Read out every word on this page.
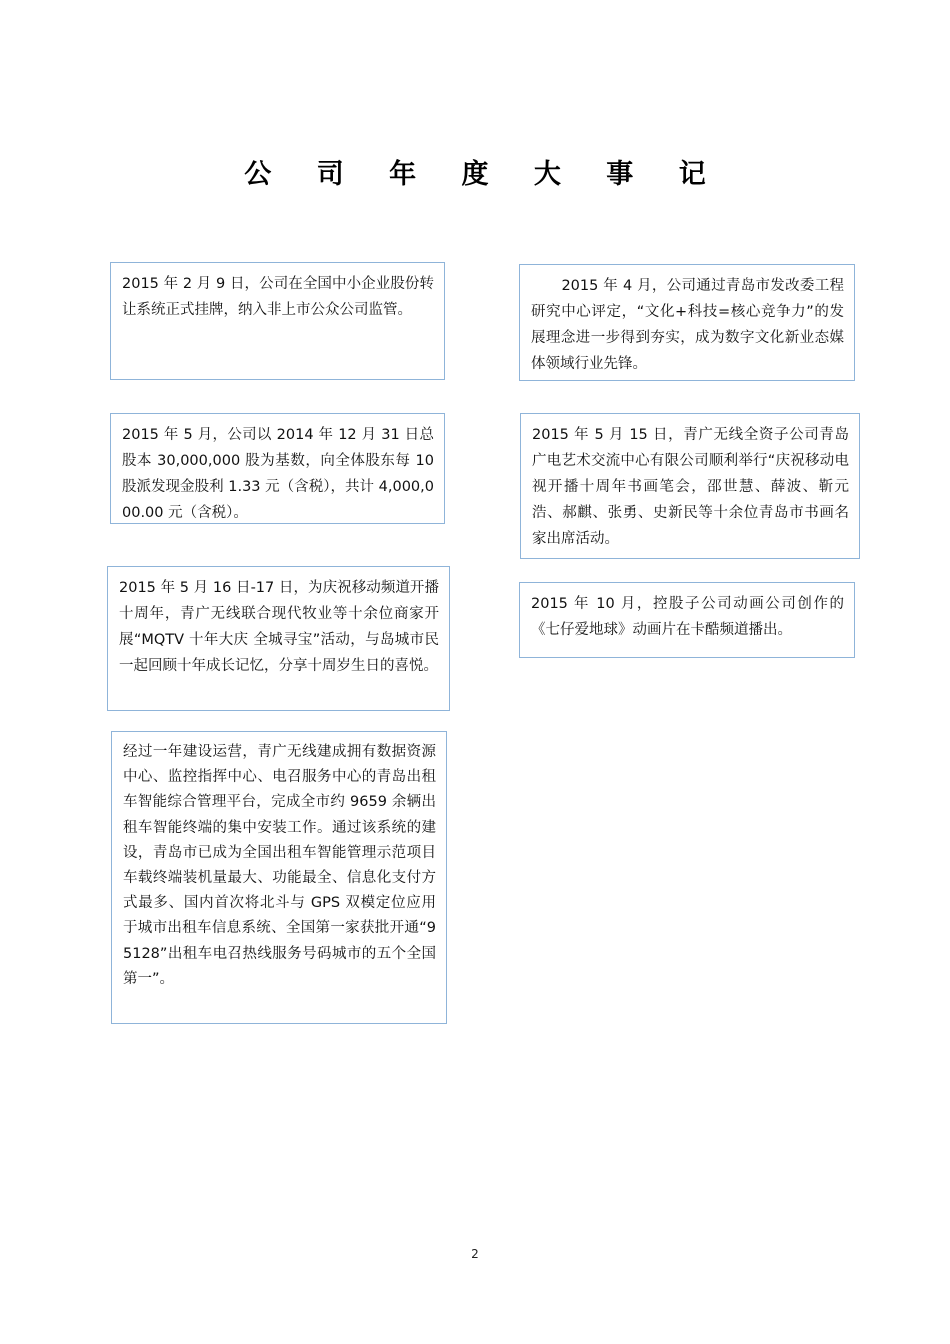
公 司 年 度 大 事 记
2015 年 2 月 9 日，公司在全国中小企业股份转让系统正式挂牌，纳入非上市公众公司监管。
2015 年 4 月，公司通过青岛市发改委工程研究中心评定，“文化+科技=核心竞争力”的发展理念进一步得到夯实，成为数字文化新业态媒体领域行业先锋。
2015 年 5 月，公司以 2014 年 12 月 31 日总股本 30,000,000 股为基数，向全体股东每 10 股派发现金股利 1.33 元（含税），共计 4,000,000.00 元（含税）。
2015 年 5 月 15 日，青广无线全资子公司青岛广电艺术交流中心有限公司顺利举行“庆祝移动电视开播十周年书画笔会，邵世慧、薛波、靳元浩、郝麒、张勇、史新民等十余位青岛市书画名家出席活动。
2015 年 5 月 16 日-17 日，为庆祝移动频道开播十周年，青广无线联合现代牧业等十余位商家开展“MQTV 十年大庆 全城寻宝”活动，与岛城市民一起回顾十年成长记忆，分享十周岁生日的喜悦。
2015 年 10 月，控股子公司动画公司创作的《七仔爱地球》动画片在卡酷频道播出。
经过一年建设运营，青广无线建成拥有数据资源中心、监控指挥中心、电召服务中心的青岛出租车智能综合管理平台，完成全市约 9659 余辆出租车智能终端的集中安装工作。通过该系统的建设，青岛市已成为全国出租车智能管理示范项目车载终端装机量最大、功能最全、信息化支付方式最多、国内首次将北斗与 GPS 双模定位应用于城市出租车信息系统、全国第一家获批开通“95128”出租车电召热线服务号码城市的五个全国第一”。
2
